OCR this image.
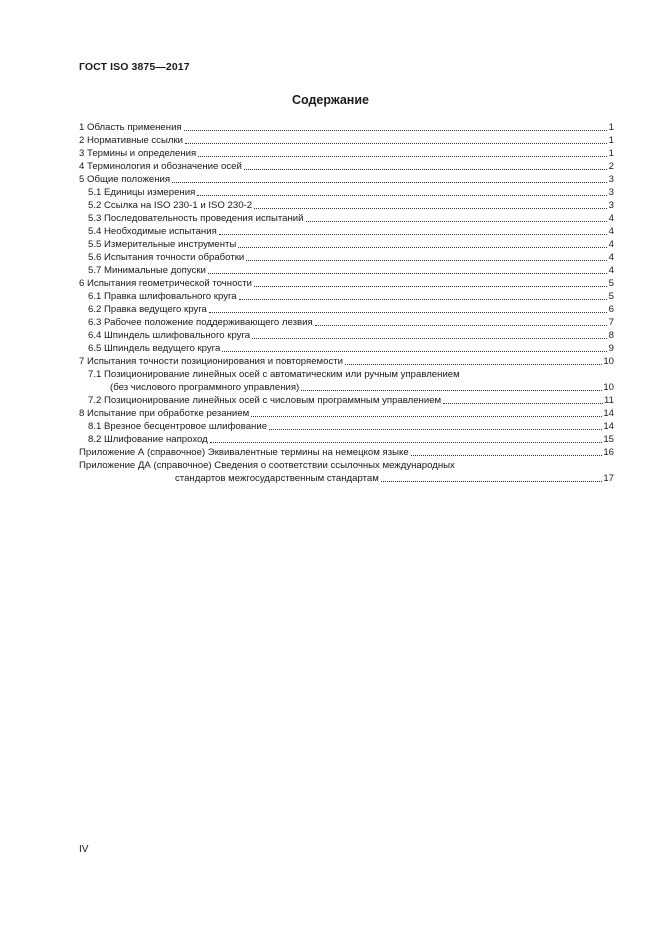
ГОСТ ISO 3875—2017
Содержание
1 Область применения	1
2 Нормативные ссылки	1
3 Термины и определения	1
4 Терминология и обозначение осей	2
5 Общие положения	3
5.1 Единицы измерения	3
5.2 Ссылка на ISO 230-1 и ISO 230-2	3
5.3 Последовательность проведения испытаний	4
5.4 Необходимые испытания	4
5.5 Измерительные инструменты	4
5.6 Испытания точности обработки	4
5.7 Минимальные допуски	4
6 Испытания геометрической точности	5
6.1 Правка шлифовального круга	5
6.2 Правка ведущего круга	6
6.3 Рабочее положение поддерживающего лезвия	7
6.4 Шпиндель шлифовального круга	8
6.5 Шпиндель ведущего круга	9
7 Испытания точности позиционирования и повторяемости	10
7.1 Позиционирование линейных осей с автоматическим или ручным управлением
(без числового программного управления)	10
7.2 Позиционирование линейных осей с числовым программным управлением	11
8 Испытание при обработке резанием	14
8.1 Врезное бесцентровое шлифование	14
8.2 Шлифование напроход	15
Приложение А (справочное) Эквивалентные термины на немецком языке	16
Приложение ДА (справочное) Сведения о соответствии ссылочных международных
стандартов межгосударственным стандартам	17
IV
